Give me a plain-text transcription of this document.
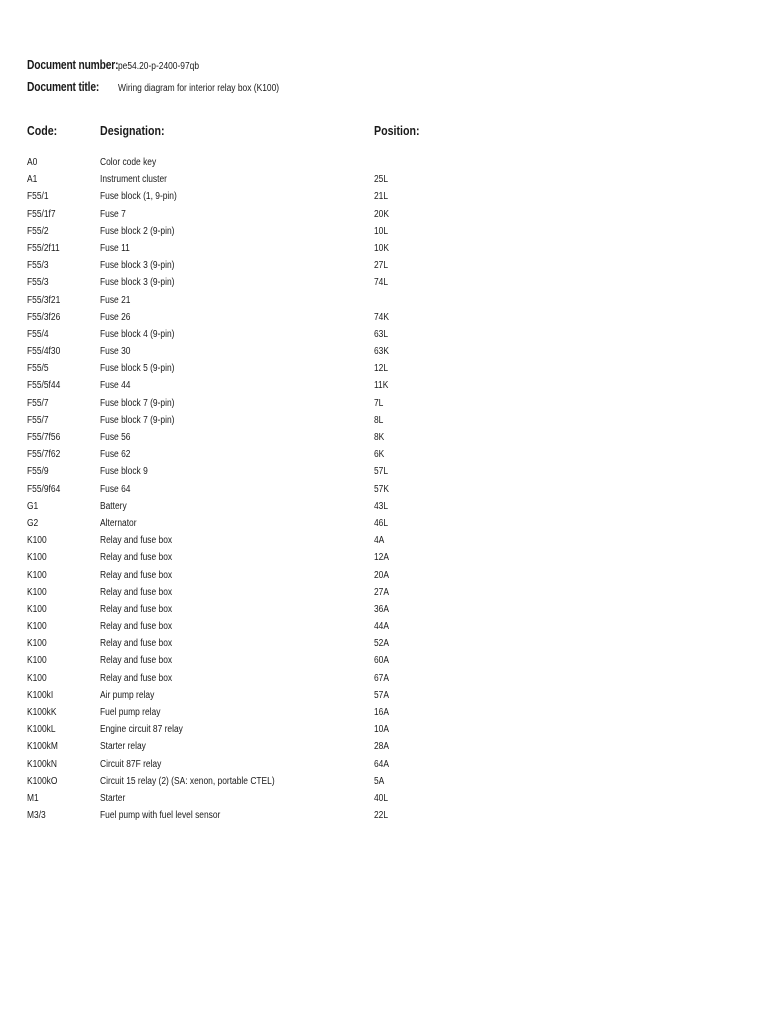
Document number: pe54.20-p-2400-97qb
Document title: Wiring diagram for interior relay box (K100)
Code:	Designation:	Position:
A0	Color code key
A1	Instrument cluster	25L
F55/1	Fuse block (1, 9-pin)	21L
F55/1f7	Fuse 7	20K
F55/2	Fuse block 2 (9-pin)	10L
F55/2f11	Fuse 11	10K
F55/3	Fuse block 3 (9-pin)	27L
F55/3	Fuse block 3 (9-pin)	74L
F55/3f21	Fuse 21
F55/3f26	Fuse 26	74K
F55/4	Fuse block 4 (9-pin)	63L
F55/4f30	Fuse 30	63K
F55/5	Fuse block 5 (9-pin)	12L
F55/5f44	Fuse 44	11K
F55/7	Fuse block 7 (9-pin)	7L
F55/7	Fuse block 7 (9-pin)	8L
F55/7f56	Fuse 56	8K
F55/7f62	Fuse 62	6K
F55/9	Fuse block 9	57L
F55/9f64	Fuse 64	57K
G1	Battery	43L
G2	Alternator	46L
K100	Relay and fuse box	4A
K100	Relay and fuse box	12A
K100	Relay and fuse box	20A
K100	Relay and fuse box	27A
K100	Relay and fuse box	36A
K100	Relay and fuse box	44A
K100	Relay and fuse box	52A
K100	Relay and fuse box	60A
K100	Relay and fuse box	67A
K100kI	Air pump relay	57A
K100kK	Fuel pump relay	16A
K100kL	Engine circuit 87 relay	10A
K100kM	Starter relay	28A
K100kN	Circuit 87F relay	64A
K100kO	Circuit 15 relay (2) (SA: xenon, portable CTEL)	5A
M1	Starter	40L
M3/3	Fuel pump with fuel level sensor	22L
